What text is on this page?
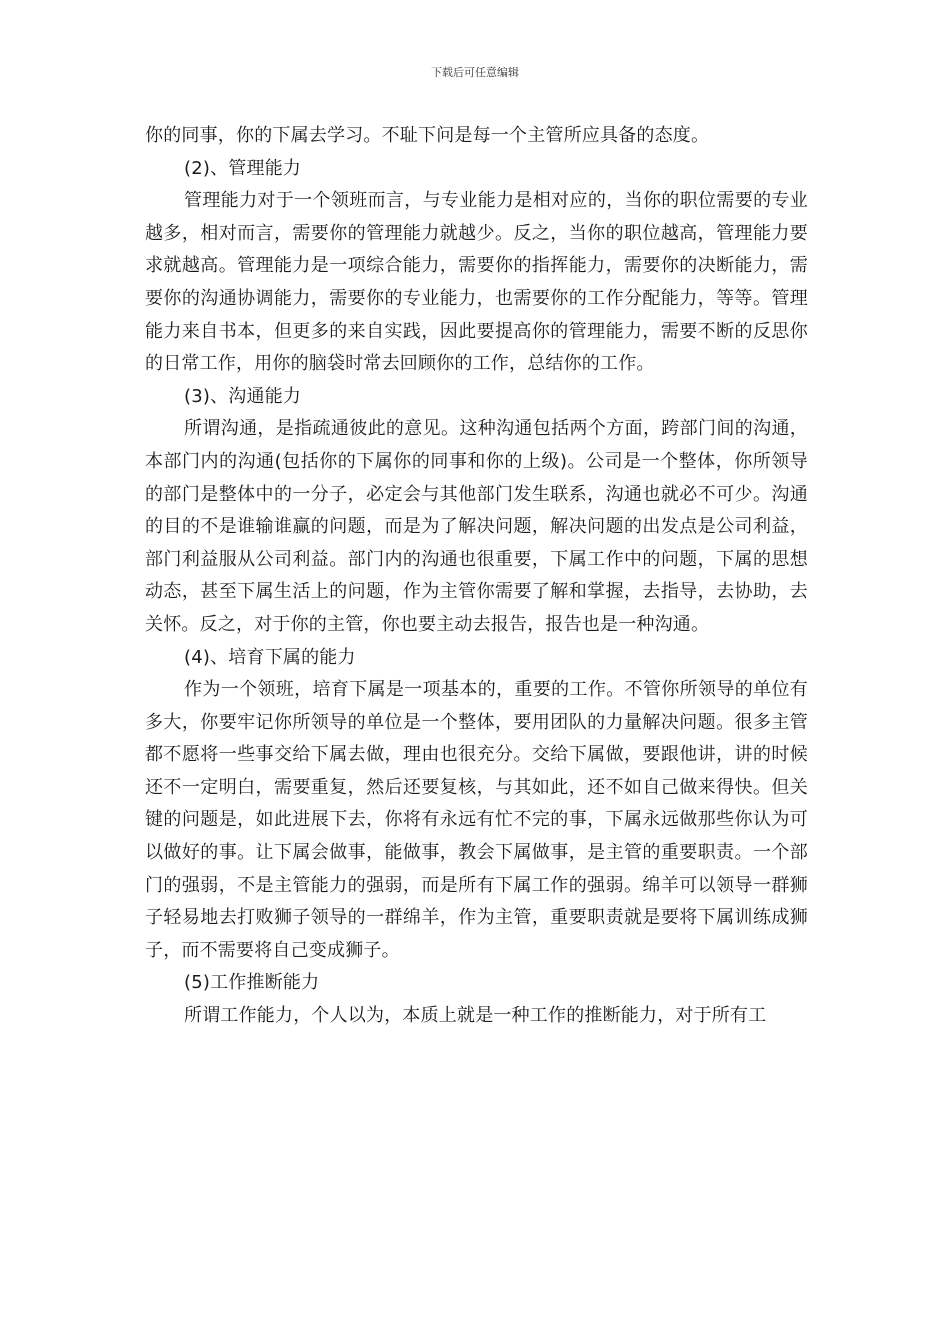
下载后可任意编辑

你的同事，你的下属去学习。不耻下问是每一个主管所应具备的态度。

(2)、管理能力

管理能力对于一个领班而言，与专业能力是相对应的，当你的职位需要的专业越多，相对而言，需要你的管理能力就越少。反之，当你的职位越高，管理能力要求就越高。管理能力是一项综合能力，需要你的指挥能力，需要你的决断能力，需要你的沟通协调能力，需要你的专业能力，也需要你的工作分配能力，等等。管理能力来自书本，但更多的来自实践，因此要提高你的管理能力，需要不断的反思你的日常工作，用你的脑袋时常去回顾你的工作，总结你的工作。

(3)、沟通能力

所谓沟通，是指疏通彼此的意见。这种沟通包括两个方面，跨部门间的沟通，本部门内的沟通(包括你的下属你的同事和你的上级)。公司是一个整体，你所领导的部门是整体中的一分子，必定会与其他部门发生联系，沟通也就必不可少。沟通的目的不是谁输谁赢的问题，而是为了解决问题，解决问题的出发点是公司利益，部门利益服从公司利益。部门内的沟通也很重要，下属工作中的问题，下属的思想动态，甚至下属生活上的问题，作为主管你需要了解和掌握，去指导，去协助，去关怀。反之，对于你的主管，你也要主动去报告，报告也是一种沟通。

(4)、培育下属的能力

作为一个领班，培育下属是一项基本的，重要的工作。不管你所领导的单位有多大，你要牢记你所领导的单位是一个整体，要用团队的力量解决问题。很多主管都不愿将一些事交给下属去做，理由也很充分。交给下属做，要跟他讲，讲的时候还不一定明白，需要重复，然后还要复核，与其如此，还不如自己做来得快。但关键的问题是，如此进展下去，你将有永远有忙不完的事，下属永远做那些你认为可以做好的事。让下属会做事，能做事，教会下属做事，是主管的重要职责。一个部门的强弱，不是主管能力的强弱，而是所有下属工作的强弱。绵羊可以领导一群狮子轻易地去打败狮子领导的一群绵羊，作为主管，重要职责就是要将下属训练成狮子，而不需要将自己变成狮子。

(5)工作推断能力

所谓工作能力，个人以为，本质上就是一种工作的推断能力，对于所有工
